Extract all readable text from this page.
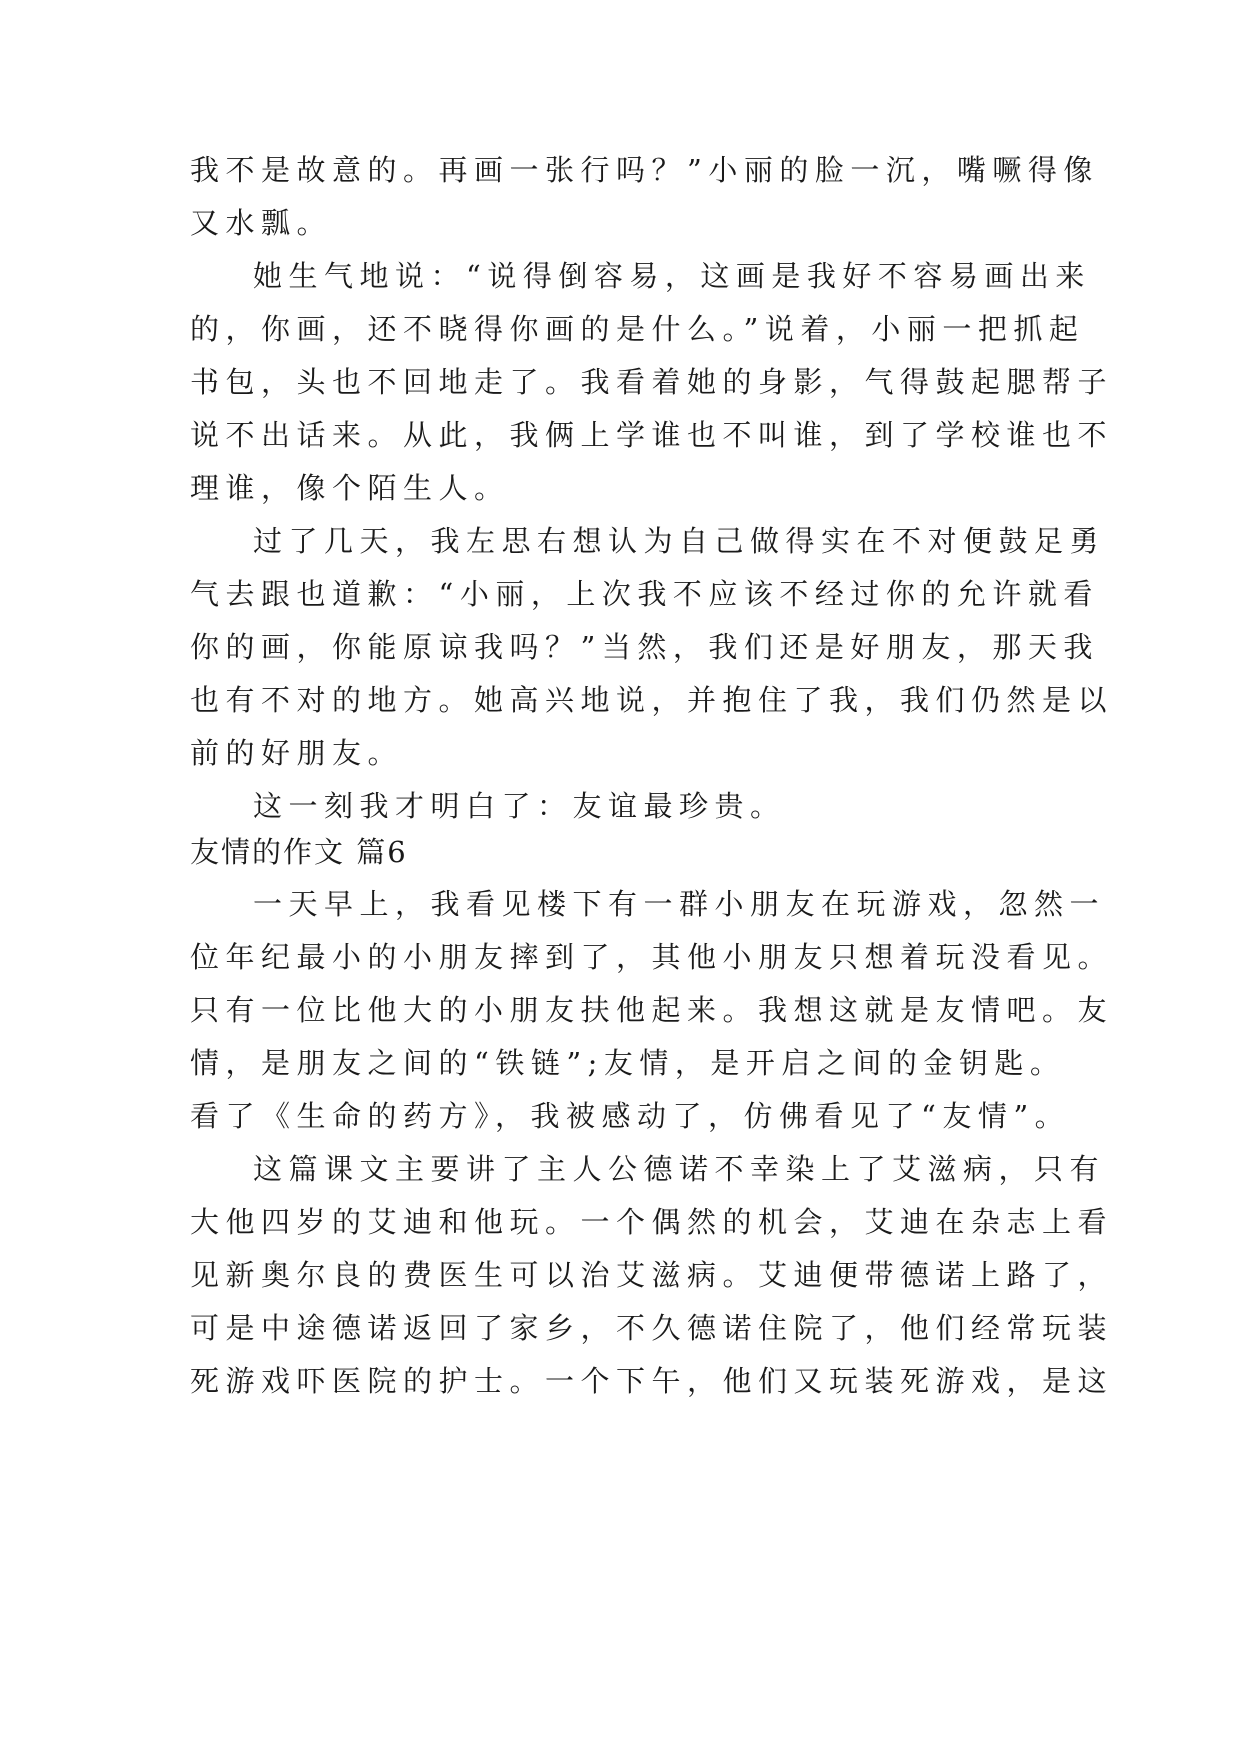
我不是故意的。再画一张行吗？”小丽的脸一沉，嘴噘得像
又水瓢。
她生气地说：“说得倒容易，这画是我好不容易画出来
的，你画，还不晓得你画的是什么。”说着，小丽一把抓起
书包，头也不回地走了。我看着她的身影，气得鼓起腮帮子
说不出话来。从此，我俩上学谁也不叫谁，到了学校谁也不
理谁，像个陌生人。
过了几天，我左思右想认为自己做得实在不对便鼓足勇
气去跟也道歉：“小丽，上次我不应该不经过你的允许就看
你的画，你能原谅我吗？”当然，我们还是好朋友，那天我
也有不对的地方。她高兴地说，并抱住了我，我们仍然是以
前的好朋友。
这一刻我才明白了：友谊最珍贵。
友情的作文 篇6
一天早上，我看见楼下有一群小朋友在玩游戏，忽然一
位年纪最小的小朋友摔到了，其他小朋友只想着玩没看见。
只有一位比他大的小朋友扶他起来。我想这就是友情吧。友
情，是朋友之间的“铁链”;友情，是开启之间的金钥匙。
看了《生命的药方》，我被感动了，仿佛看见了“友情”。
这篇课文主要讲了主人公德诺不幸染上了艾滋病，只有
大他四岁的艾迪和他玩。一个偶然的机会，艾迪在杂志上看
见新奥尔良的费医生可以治艾滋病。艾迪便带德诺上路了，
可是中途德诺返回了家乡，不久德诺住院了，他们经常玩装
死游戏吓医院的护士。一个下午，他们又玩装死游戏，是这
